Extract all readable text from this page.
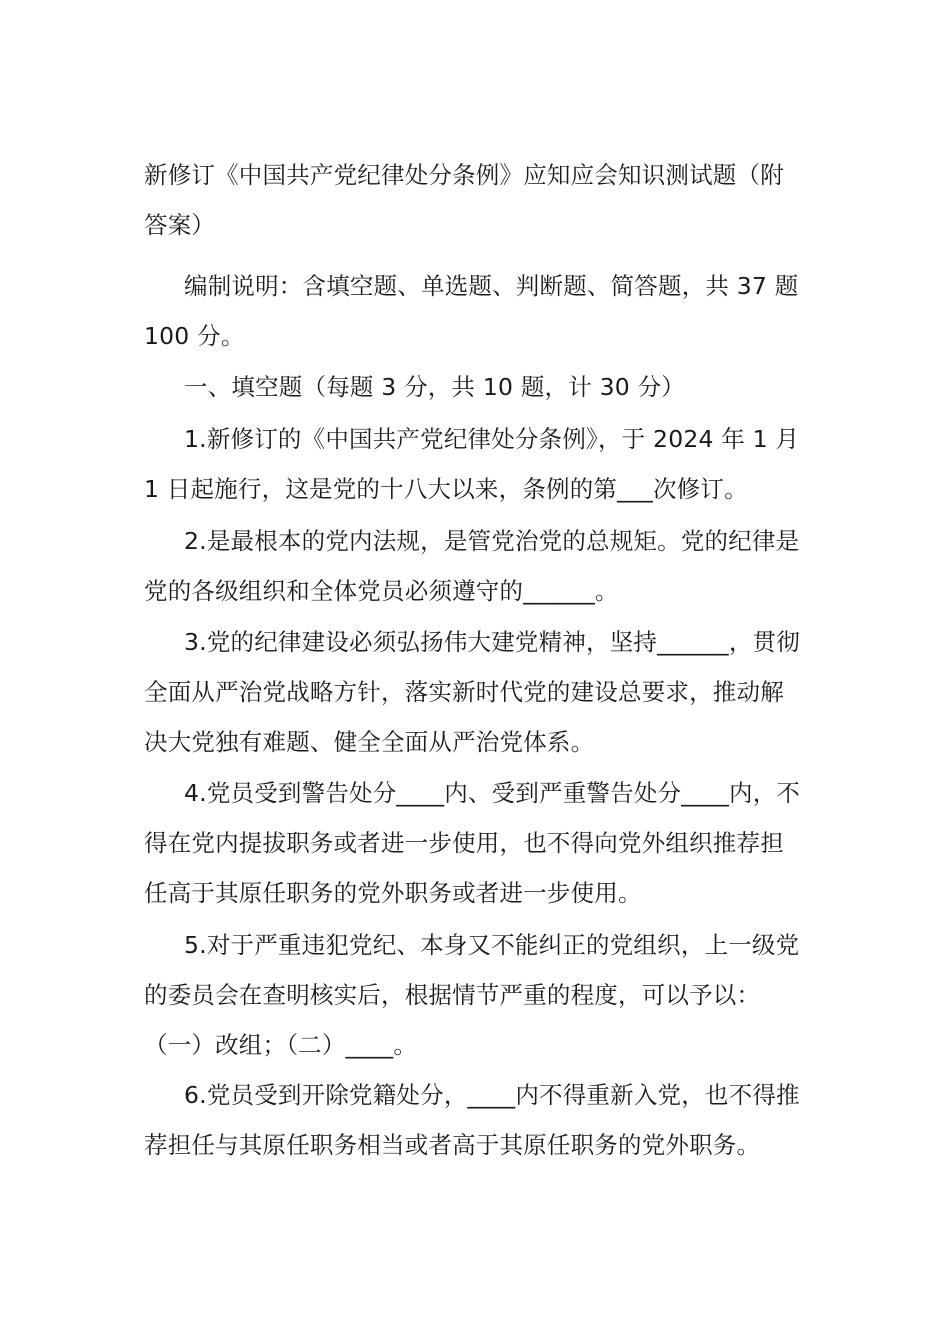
新修订《中国共产党纪律处分条例》应知应会知识测试题（附
答案）
编制说明：含填空题、单选题、判断题、简答题，共 37 题
100 分。
一、填空题（每题 3 分，共 10 题，计 30 分）
1.新修订的《中国共产党纪律处分条例》，于 2024 年 1 月
1 日起施行，这是党的十八大以来，条例的第___次修订。
2.是最根本的党内法规，是管党治党的总规矩。党的纪律是
党的各级组织和全体党员必须遵守的______。
3.党的纪律建设必须弘扬伟大建党精神，坚持______，贯彻
全面从严治党战略方针，落实新时代党的建设总要求，推动解
决大党独有难题、健全全面从严治党体系。
4.党员受到警告处分____内、受到严重警告处分____内，不
得在党内提拔职务或者进一步使用，也不得向党外组织推荐担
任高于其原任职务的党外职务或者进一步使用。
5.对于严重违犯党纪、本身又不能纠正的党组织，上一级党
的委员会在查明核实后，根据情节严重的程度，可以予以：
（一）改组；（二）____。
6.党员受到开除党籍处分，____内不得重新入党，也不得推
荐担任与其原任职务相当或者高于其原任职务的党外职务。
